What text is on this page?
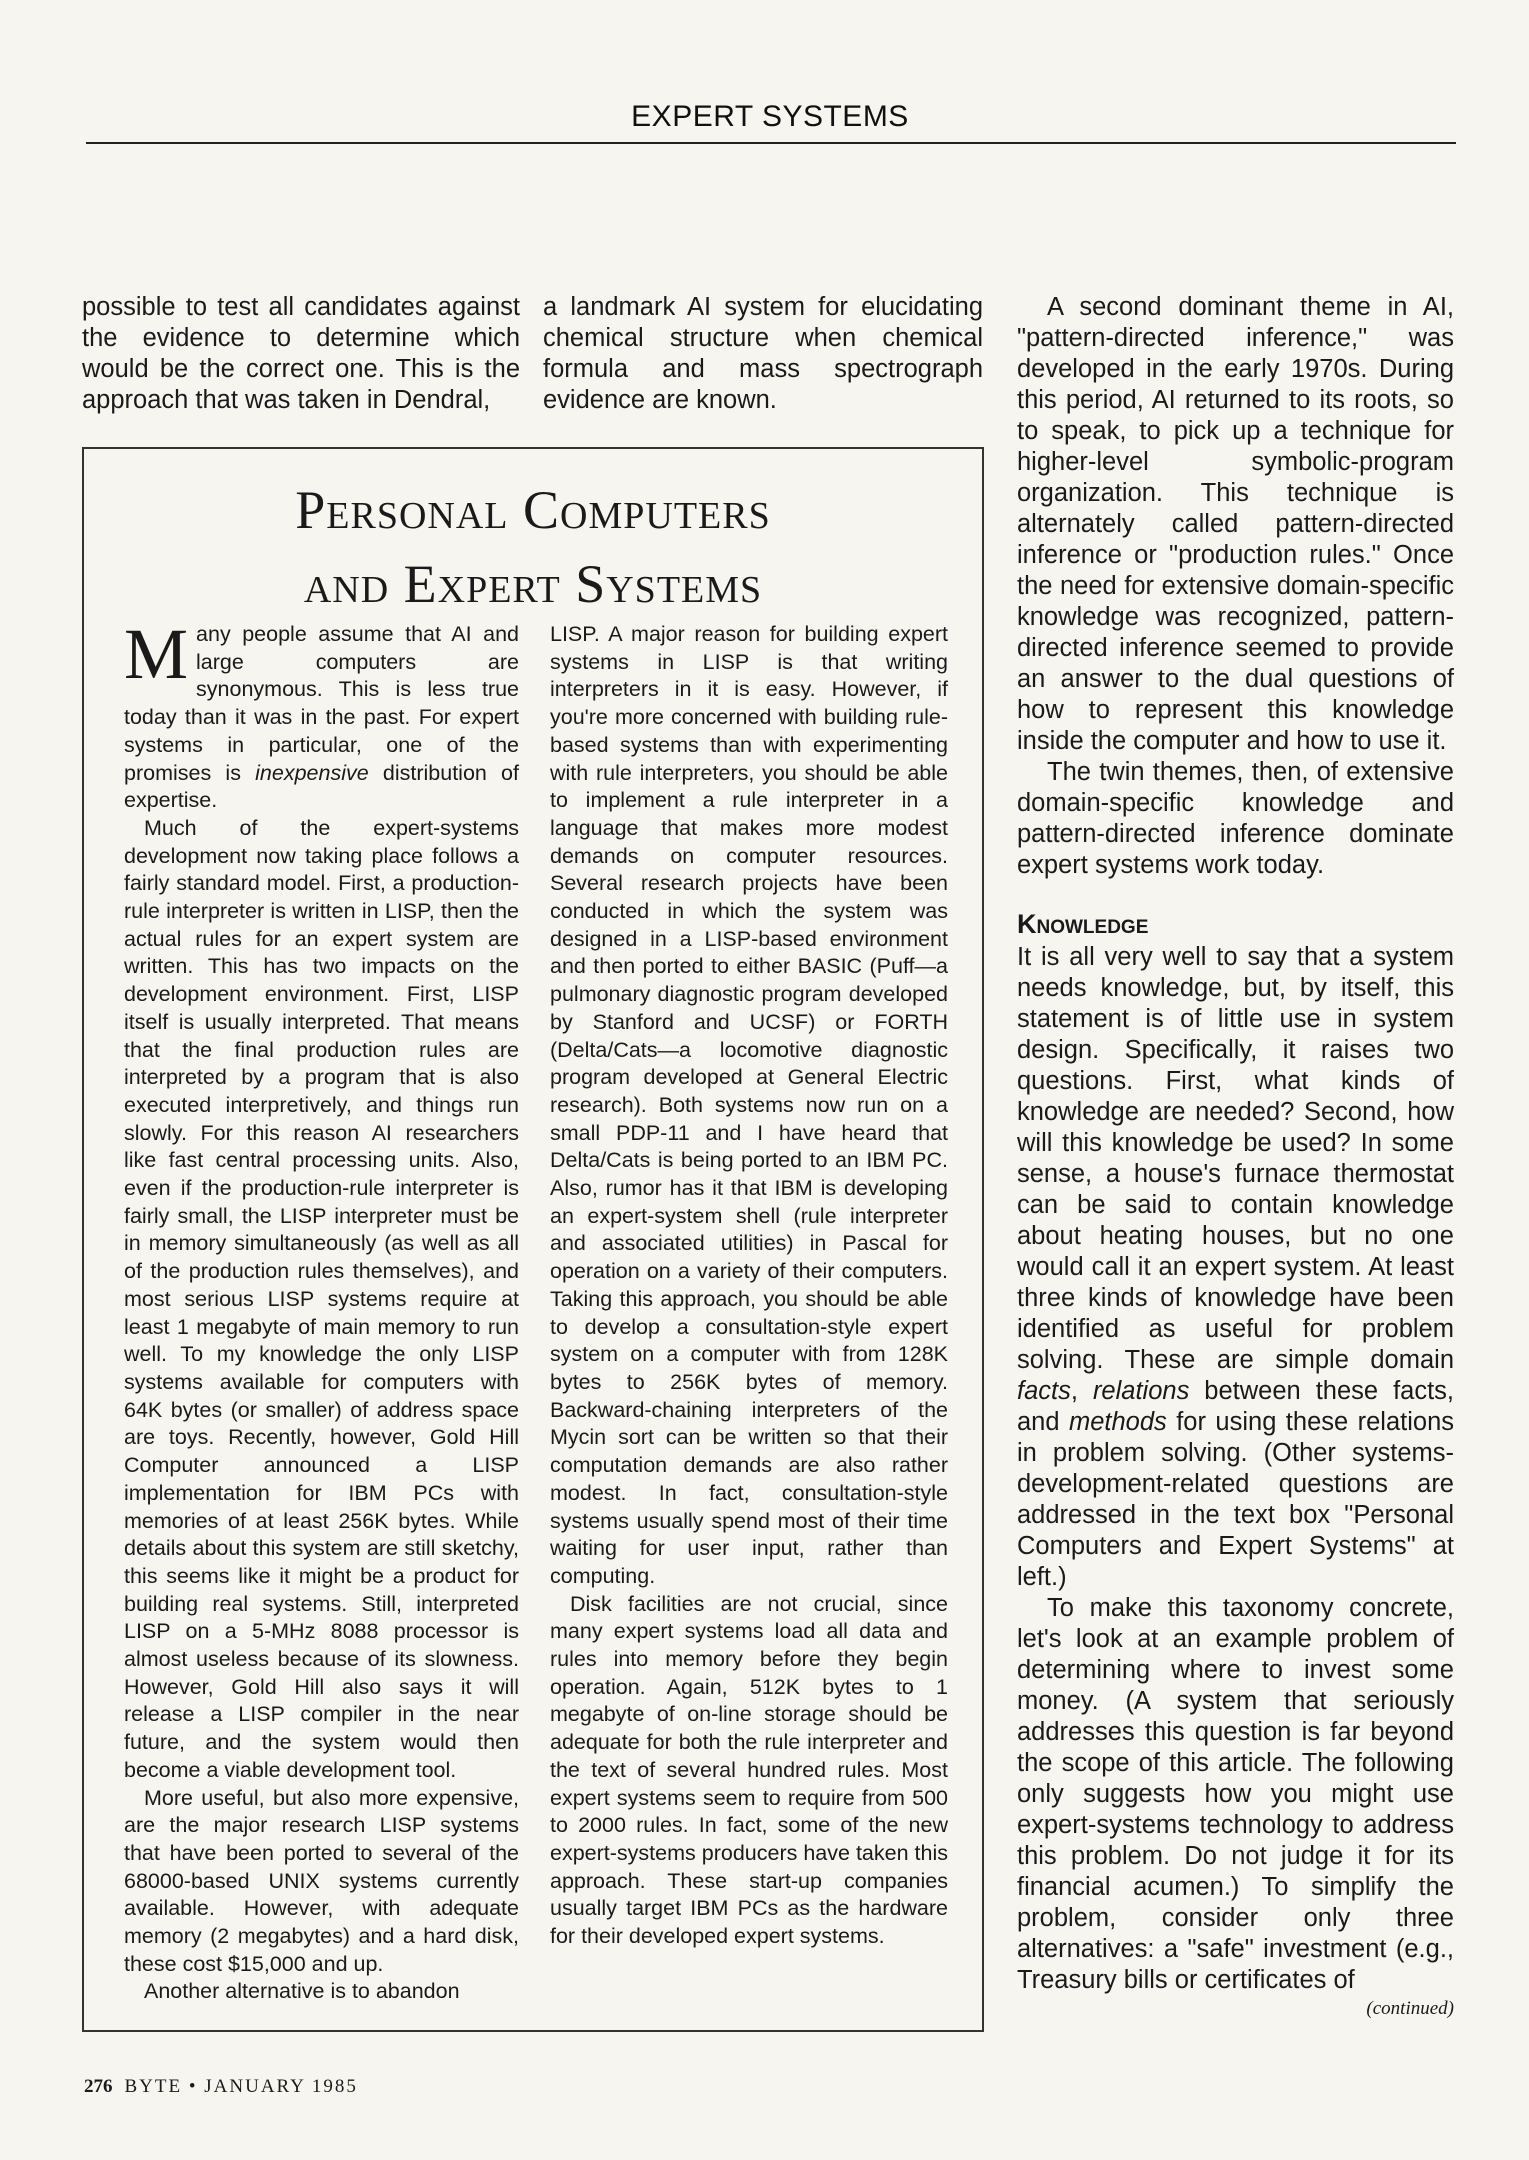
EXPERT SYSTEMS

possible to test all candidates against the evidence to determine which would be the correct one. This is the approach that was taken in Dendral,

a landmark AI system for elucidating chemical structure when chemical formula and mass spectrograph evidence are known.

Personal Computers
and Expert Systems

Many people assume that AI and large computers are synonymous. This is less true today than it was in the past. For expert systems in particular, one of the promises is inexpensive distribution of expertise.

Much of the expert-systems development now taking place follows a fairly standard model. First, a production-rule interpreter is written in LISP, then the actual rules for an expert system are written. This has two impacts on the development environment. First, LISP itself is usually interpreted. That means that the final production rules are interpreted by a program that is also executed interpretively, and things run slowly. For this reason AI researchers like fast central processing units. Also, even if the production-rule interpreter is fairly small, the LISP interpreter must be in memory simultaneously (as well as all of the production rules themselves), and most serious LISP systems require at least 1 megabyte of main memory to run well. To my knowledge the only LISP systems available for computers with 64K bytes (or smaller) of address space are toys. Recently, however, Gold Hill Computer announced a LISP implementation for IBM PCs with memories of at least 256K bytes. While details about this system are still sketchy, this seems like it might be a product for building real systems. Still, interpreted LISP on a 5-MHz 8088 processor is almost useless because of its slowness. However, Gold Hill also says it will release a LISP compiler in the near future, and the system would then become a viable development tool.

More useful, but also more expensive, are the major research LISP systems that have been ported to several of the 68000-based UNIX systems currently available. However, with adequate memory (2 megabytes) and a hard disk, these cost $15,000 and up.

Another alternative is to abandon

LISP. A major reason for building expert systems in LISP is that writing interpreters in it is easy. However, if you're more concerned with building rule-based systems than with experimenting with rule interpreters, you should be able to implement a rule interpreter in a language that makes more modest demands on computer resources. Several research projects have been conducted in which the system was designed in a LISP-based environment and then ported to either BASIC (Puff—a pulmonary diagnostic program developed by Stanford and UCSF) or FORTH (Delta/Cats—a locomotive diagnostic program developed at General Electric research). Both systems now run on a small PDP-11 and I have heard that Delta/Cats is being ported to an IBM PC. Also, rumor has it that IBM is developing an expert-system shell (rule interpreter and associated utilities) in Pascal for operation on a variety of their computers. Taking this approach, you should be able to develop a consultation-style expert system on a computer with from 128K bytes to 256K bytes of memory. Backward-chaining interpreters of the Mycin sort can be written so that their computation demands are also rather modest. In fact, consultation-style systems usually spend most of their time waiting for user input, rather than computing.

Disk facilities are not crucial, since many expert systems load all data and rules into memory before they begin operation. Again, 512K bytes to 1 megabyte of on-line storage should be adequate for both the rule interpreter and the text of several hundred rules. Most expert systems seem to require from 500 to 2000 rules. In fact, some of the new expert-systems producers have taken this approach. These start-up companies usually target IBM PCs as the hardware for their developed expert systems.

A second dominant theme in AI, "pattern-directed inference," was developed in the early 1970s. During this period, AI returned to its roots, so to speak, to pick up a technique for higher-level symbolic-program organization. This technique is alternately called pattern-directed inference or "production rules." Once the need for extensive domain-specific knowledge was recognized, pattern-directed inference seemed to provide an answer to the dual questions of how to represent this knowledge inside the computer and how to use it.

The twin themes, then, of extensive domain-specific knowledge and pattern-directed inference dominate expert systems work today.

Knowledge

It is all very well to say that a system needs knowledge, but, by itself, this statement is of little use in system design. Specifically, it raises two questions. First, what kinds of knowledge are needed? Second, how will this knowledge be used? In some sense, a house's furnace thermostat can be said to contain knowledge about heating houses, but no one would call it an expert system. At least three kinds of knowledge have been identified as useful for problem solving. These are simple domain facts, relations between these facts, and methods for using these relations in problem solving. (Other systems-development-related questions are addressed in the text box "Personal Computers and Expert Systems" at left.)

To make this taxonomy concrete, let's look at an example problem of determining where to invest some money. (A system that seriously addresses this question is far beyond the scope of this article. The following only suggests how you might use expert-systems technology to address this problem. Do not judge it for its financial acumen.) To simplify the problem, consider only three alternatives: a "safe" investment (e.g., Treasury bills or certificates of

(continued)
276 BYTE • JANUARY 1985
